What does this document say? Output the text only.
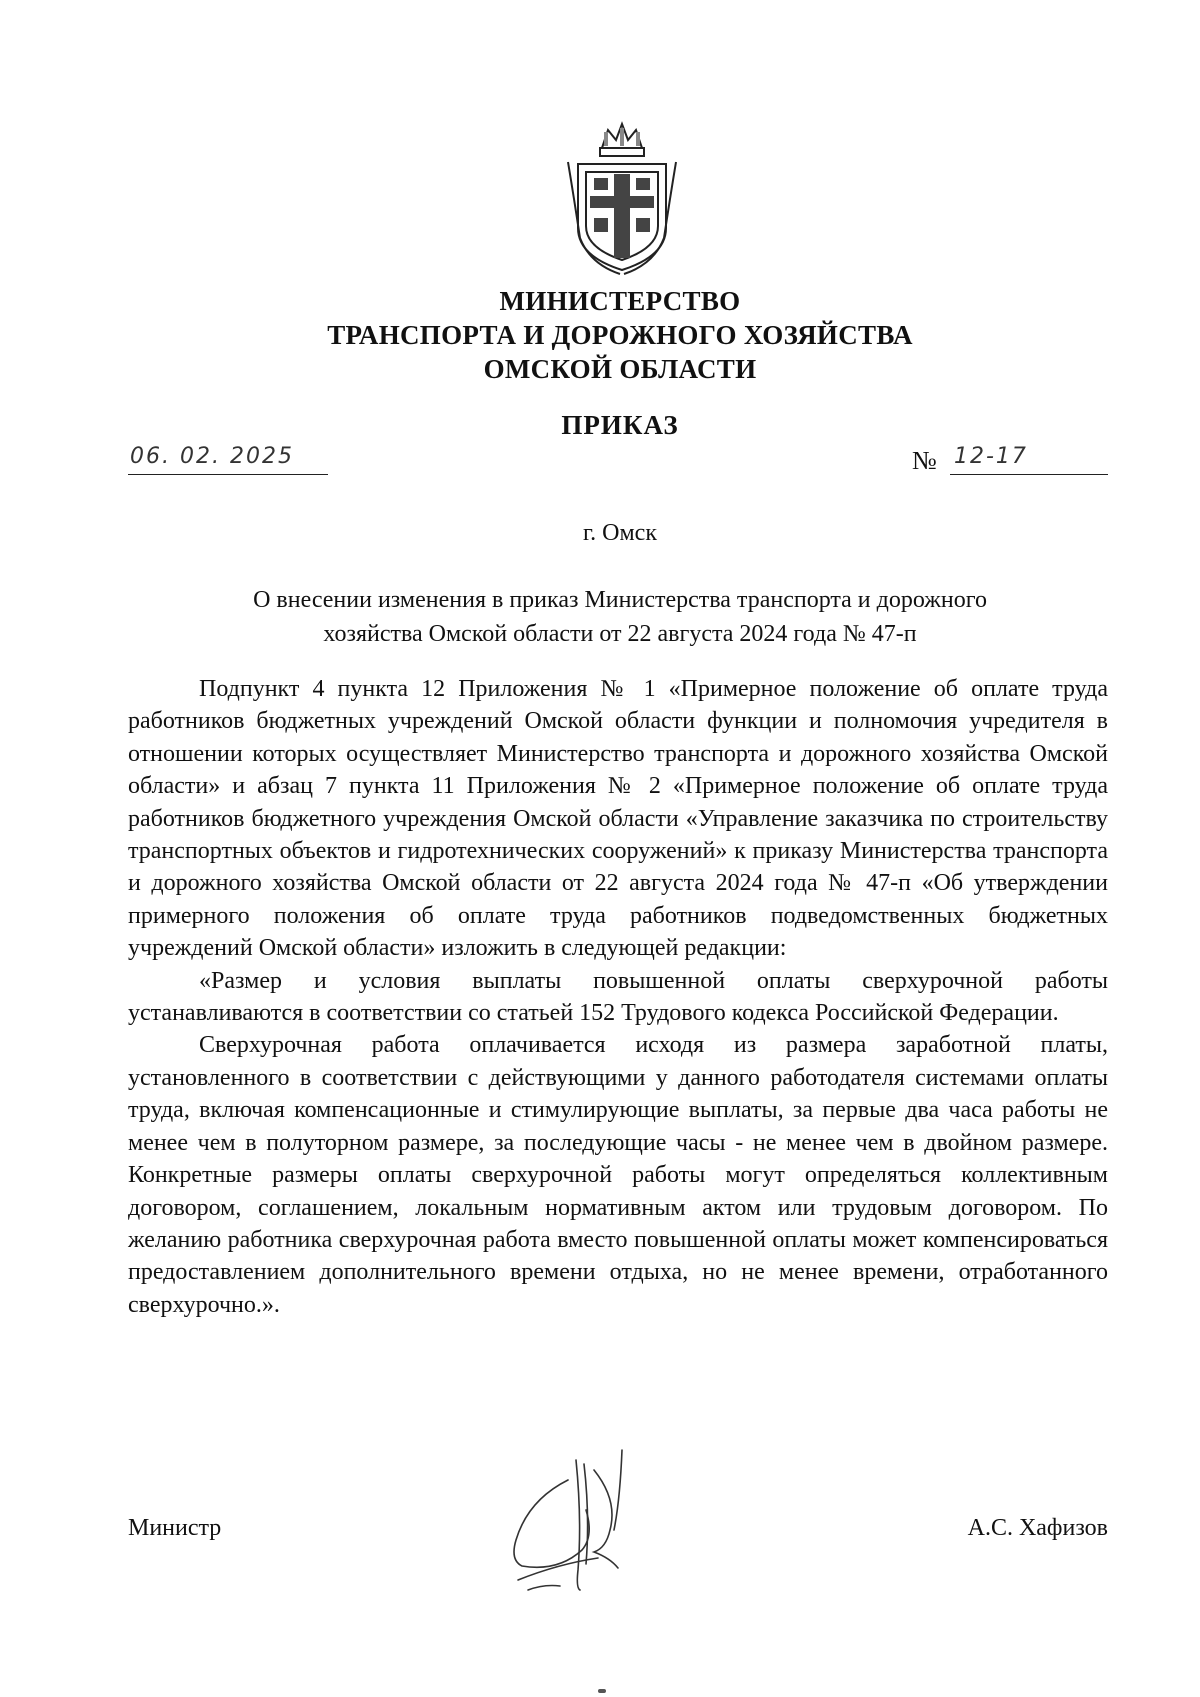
МИНИСТЕРСТВО
ТРАНСПОРТА И ДОРОЖНОГО ХОЗЯЙСТВА
ОМСКОЙ ОБЛАСТИ
ПРИКАЗ
06. 02. 2025	№ 12-17
г. Омск
О внесении изменения в приказ Министерства транспорта и дорожного
хозяйства Омской области от 22 августа 2024 года № 47-п

Подпункт 4 пункта 12 Приложения № 1 «Примерное положение об оплате труда работников бюджетных учреждений Омской области функции и полномочия учредителя в отношении которых осуществляет Министерство транспорта и дорожного хозяйства Омской области» и абзац 7 пункта 11 Приложения № 2 «Примерное положение об оплате труда работников бюджетного учреждения Омской области «Управление заказчика по строительству транспортных объектов и гидротехнических сооружений» к приказу Министерства транспорта и дорожного хозяйства Омской области от 22 августа 2024 года № 47-п «Об утверждении примерного положения об оплате труда работников подведомственных бюджетных учреждений Омской области» изложить в следующей редакции:

«Размер и условия выплаты повышенной оплаты сверхурочной работы устанавливаются в соответствии со статьей 152 Трудового кодекса Российской Федерации.

Сверхурочная работа оплачивается исходя из размера заработной платы, установленного в соответствии с действующими у данного работодателя системами оплаты труда, включая компенсационные и стимулирующие выплаты, за первые два часа работы не менее чем в полуторном размере, за последующие часы - не менее чем в двойном размере. Конкретные размеры оплаты сверхурочной работы могут определяться коллективным договором, соглашением, локальным нормативным актом или трудовым договором. По желанию работника сверхурочная работа вместо повышенной оплаты может компенсироваться предоставлением дополнительного времени отдыха, но не менее времени, отработанного сверхурочно.».

Министр	А.С. Хафизов
